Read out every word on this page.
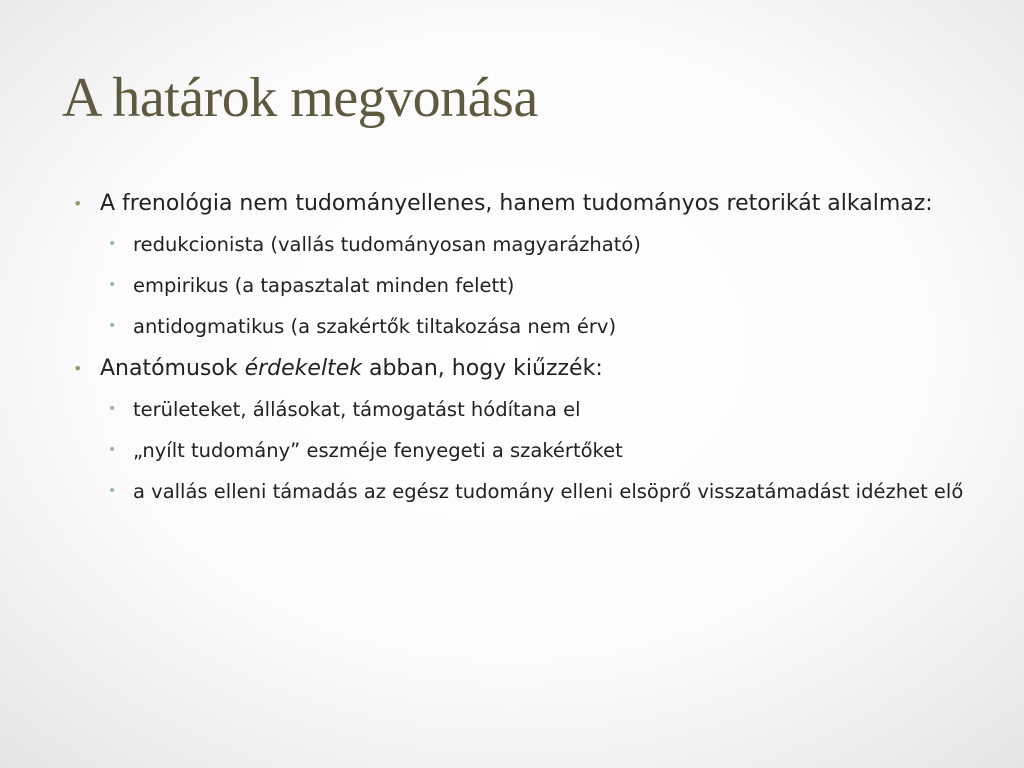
A határok megvonása
• A frenológia nem tudományellenes, hanem tudományos retorikát alkalmaz:
• redukcionista (vallás tudományosan magyarázható)
• empirikus (a tapasztalat minden felett)
• antidogmatikus (a szakértők tiltakozása nem érv)
• Anatómusok érdekeltek abban, hogy kiűzzék:
• területeket, állásokat, támogatást hódítana el
• „nyílt tudomány” eszméje fenyegeti a szakértőket
• a vallás elleni támadás az egész tudomány elleni elsöprő visszatámadást idézhet elő
